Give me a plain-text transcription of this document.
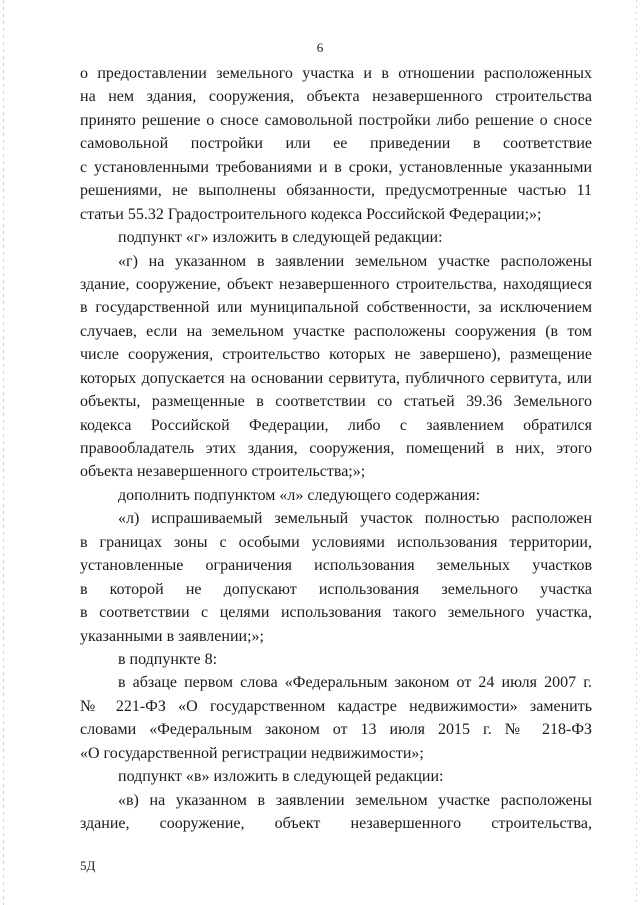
6
о предоставлении земельного участка и в отношении расположенных
на нем здания, сооружения, объекта незавершенного строительства
принято решение о сносе самовольной постройки либо решение о сносе
самовольной постройки или ее приведении в соответствие
с установленными требованиями и в сроки, установленные указанными
решениями, не выполнены обязанности, предусмотренные частью 11
статьи 55.32 Градостроительного кодекса Российской Федерации;»;
подпункт «г» изложить в следующей редакции:
«г) на указанном в заявлении земельном участке расположены
здание, сооружение, объект незавершенного строительства, находящиеся
в государственной или муниципальной собственности, за исключением
случаев, если на земельном участке расположены сооружения (в том
числе сооружения, строительство которых не завершено), размещение
которых допускается на основании сервитута, публичного сервитута, или
объекты, размещенные в соответствии со статьей 39.36 Земельного
кодекса Российской Федерации, либо с заявлением обратился
правообладатель этих здания, сооружения, помещений в них, этого
объекта незавершенного строительства;»;
дополнить подпунктом «л» следующего содержания:
«л) испрашиваемый земельный участок полностью расположен
в границах зоны с особыми условиями использования территории,
установленные ограничения использования земельных участков
в которой не допускают использования земельного участка
в соответствии с целями использования такого земельного участка,
указанными в заявлении;»;
в подпункте 8:
в абзаце первом слова «Федеральным законом от 24 июля 2007 г.
№ 221-ФЗ «О государственном кадастре недвижимости» заменить
словами «Федеральным законом от 13 июля 2015 г. № 218-ФЗ
«О государственной регистрации недвижимости»;
подпункт «в» изложить в следующей редакции:
«в) на указанном в заявлении земельном участке расположены
здание, сооружение, объект незавершенного строительства,
5Д
